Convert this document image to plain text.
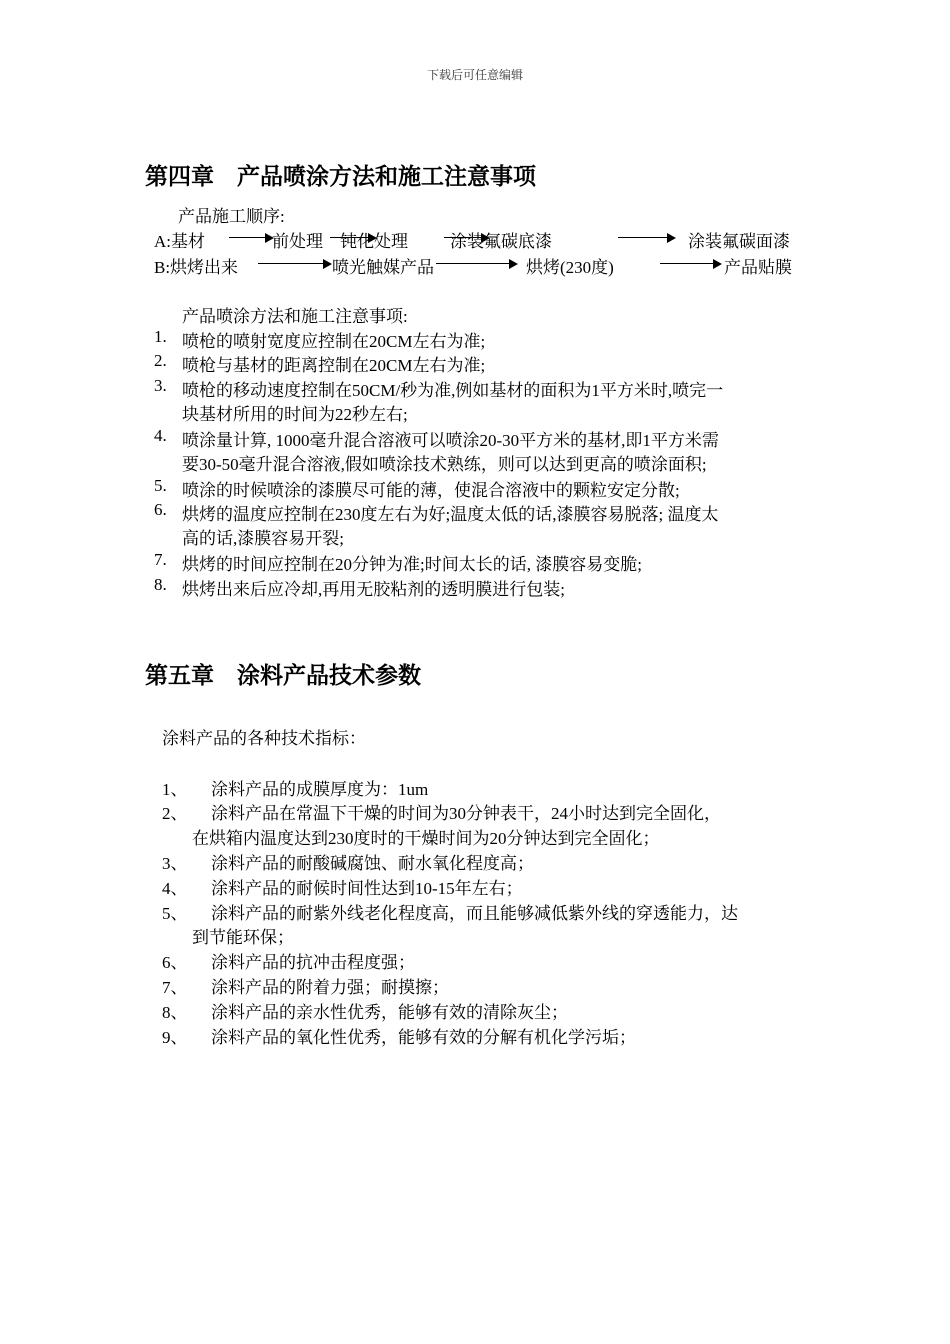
下载后可任意编辑
第四章　产品喷涂方法和施工注意事项
产品施工顺序:
A:基材	前处理 钝化处理 涂装氟碳底漆	涂装氟碳面漆
B:烘烤出来	喷光触媒产品	烘烤(230度)	产品贴膜
产品喷涂方法和施工注意事项:
1. 喷枪的喷射宽度应控制在20CM左右为准;
2. 喷枪与基材的距离控制在20CM左右为准;
3. 喷枪的移动速度控制在50CM/秒为准,例如基材的面积为1平方米时,喷完一
块基材所用的时间为22秒左右;
4. 喷涂量计算, 1000毫升混合溶液可以喷涂20-30平方米的基材,即1平方米需
要30-50毫升混合溶液,假如喷涂技术熟练，则可以达到更高的喷涂面积;
5. 喷涂的时候喷涂的漆膜尽可能的薄，使混合溶液中的颗粒安定分散;
6. 烘烤的温度应控制在230度左右为好;温度太低的话,漆膜容易脱落; 温度太
高的话,漆膜容易开裂;
7. 烘烤的时间应控制在20分钟为准;时间太长的话, 漆膜容易变脆;
8. 烘烤出来后应冷却,再用无胶粘剂的透明膜进行包装;
第五章　涂料产品技术参数
涂料产品的各种技术指标：
1、 涂料产品的成膜厚度为：1um
2、 涂料产品在常温下干燥的时间为30分钟表干，24小时达到完全固化，
在烘箱内温度达到230度时的干燥时间为20分钟达到完全固化；
3、 涂料产品的耐酸碱腐蚀、耐水氧化程度高；
4、 涂料产品的耐候时间性达到10-15年左右；
5、 涂料产品的耐紫外线老化程度高，而且能够减低紫外线的穿透能力，达
到节能环保；
6、 涂料产品的抗冲击程度强；
7、 涂料产品的附着力强；耐摸擦；
8、 涂料产品的亲水性优秀，能够有效的清除灰尘；
9、 涂料产品的氧化性优秀，能够有效的分解有机化学污垢；
